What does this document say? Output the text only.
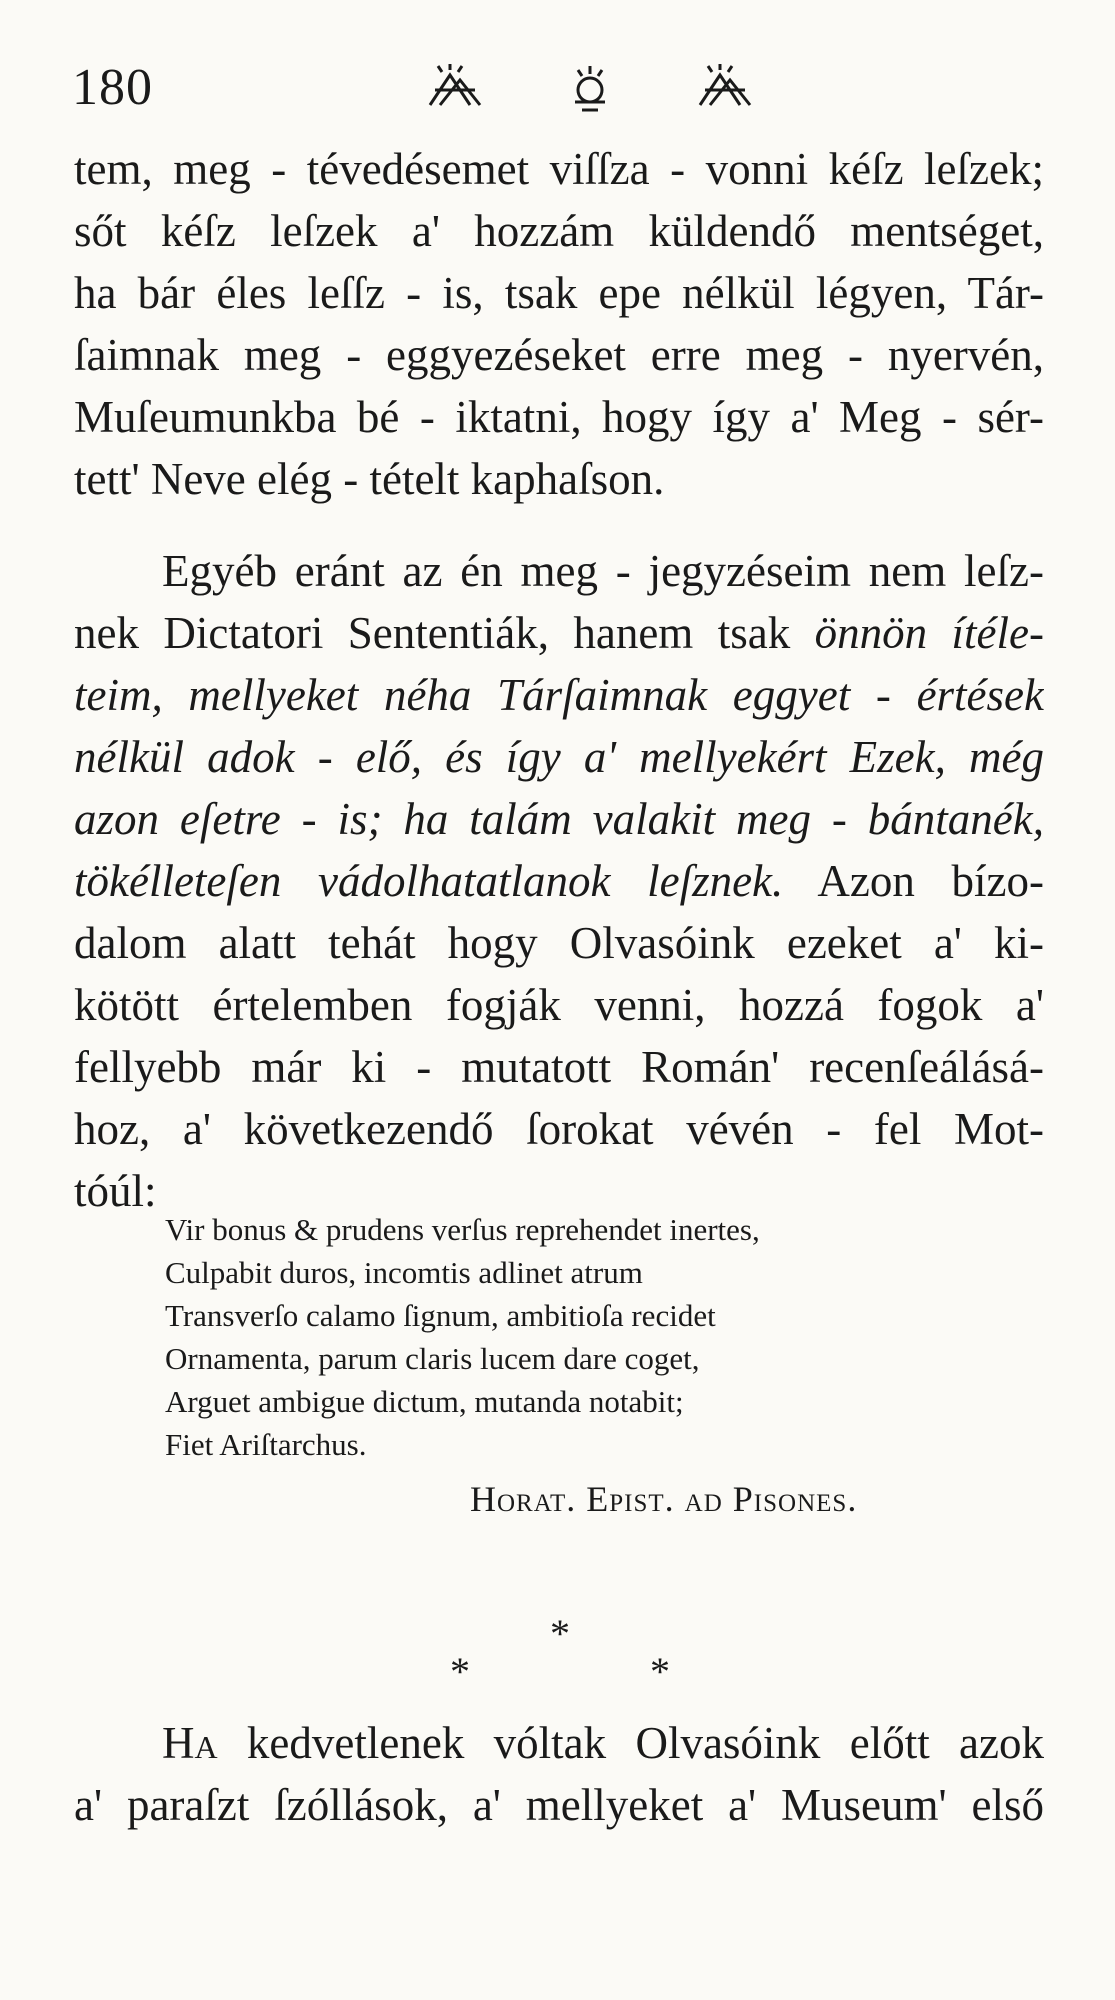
180
tem, meg - tévedésemet viſſza - vonni kéſz leſzek;
sőt kéſz leſzek a' hozzám küldendő mentséget,
ha bár éles leſſz - is, tsak epe nélkül légyen, Tár-
ſaimnak meg - eggyezéseket erre meg - nyervén,
Muſeumunkba bé - iktatni, hogy így a' Meg - sér-
tett' Neve elég - tételt kaphaſson.
Egyéb eránt az én meg - jegyzéseim nem leſz-
nek Dictatori Sententiák, hanem tsak önnön ítéle-
teim, mellyeket néha Tárſaimnak eggyet - értések
nélkül adok - elő, és így a' mellyekért Ezek, még
azon eſetre - is; ha talám valakit meg - bántanék,
tökélleteſen vádolhatatlanok leſznek. Azon bízo-
dalom alatt tehát hogy Olvasóink ezeket a' ki-
kötött értelemben fogják venni, hozzá fogok a'
fellyebb már ki - mutatott Román' recenſeálásá-
hoz, a' következendő ſorokat vévén - fel Mot-
tóúl:
Vir bonus & prudens verſus reprehendet inertes,
Culpabit duros, incomtis adlinet atrum
Transverſo calamo ſignum, ambitioſa recidet
Ornamenta, parum claris lucem dare coget,
Arguet ambigue dictum, mutanda notabit;
Fiet Ariſtarchus.
Horat. Epist. ad Pisones.
*
*	*
Ha kedvetlenek vóltak Olvasóink előtt azok
a' paraſzt ſzóllások, a' mellyeket a' Museum' első
